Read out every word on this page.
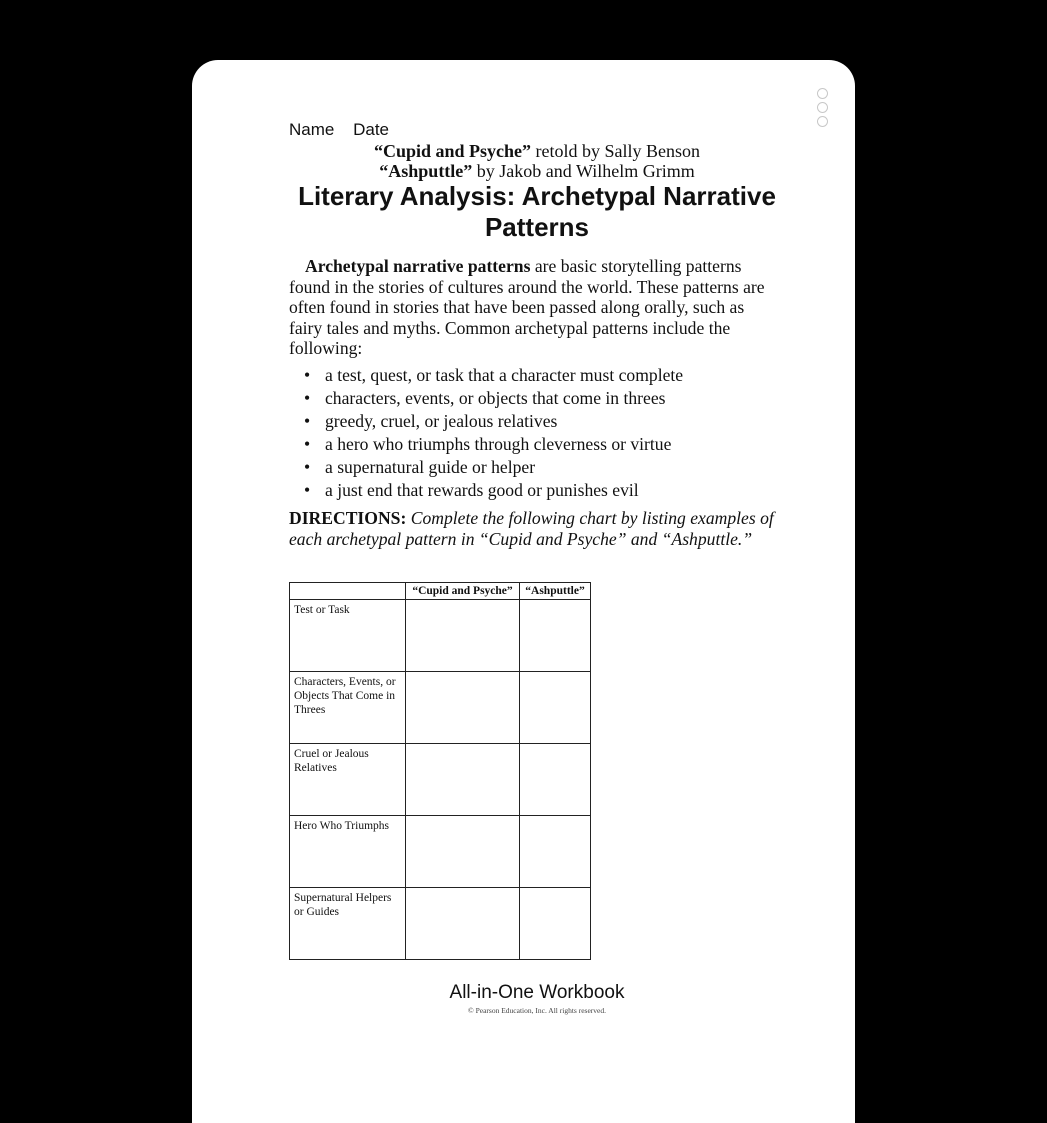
Name Date
“Cupid and Psyche” retold by Sally Benson
“Ashputtle” by Jakob and Wilhelm Grimm
Literary Analysis: Archetypal Narrative Patterns

Archetypal narrative patterns are basic storytelling patterns found in the stories of cultures around the world. These patterns are often found in stories that have been passed along orally, such as fairy tales and myths. Common archetypal patterns include the following:

• a test, quest, or task that a character must complete
• characters, events, or objects that come in threes
• greedy, cruel, or jealous relatives
• a hero who triumphs through cleverness or virtue
• a supernatural guide or helper
• a just end that rewards good or punishes evil

DIRECTIONS: Complete the following chart by listing examples of each archetypal pattern in “Cupid and Psyche” and “Ashputtle.”

	“Cupid and Psyche”	“Ashputtle”
Test or Task		
Characters, Events, or Objects That Come in Threes		
Cruel or Jealous Relatives		
Hero Who Triumphs		
Supernatural Helpers or Guides		
All-in-One Workbook
© Pearson Education, Inc. All rights reserved.
